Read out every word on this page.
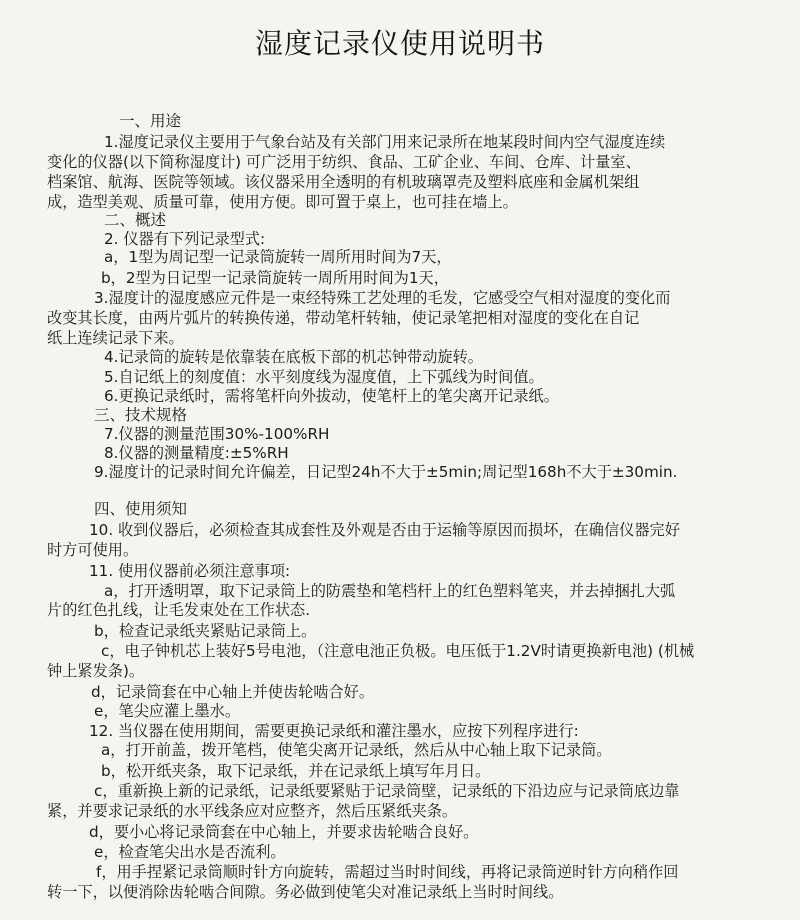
湿度记录仪使用说明书
一、用途
1.湿度记录仪主要用于气象台站及有关部门用来记录所在地某段时间内空气湿度连续
变化的仪器(以下简称湿度计) 可广泛用于纺织、食品、工矿企业、车间、仓库、计量室、
档案馆、航海、医院等领域。该仪器采用全透明的有机玻璃罩壳及塑料底座和金属机架组
成，造型美观、质量可靠，使用方便。即可置于桌上，也可挂在墙上。
二、概述
2. 仪器有下列记录型式:
a，1型为周记型一记录筒旋转一周所用时间为7天，
b，2型为日记型一记录筒旋转一周所用时间为1天，
3.湿度计的湿度感应元件是一束经特殊工艺处理的毛发，它感受空气相对湿度的变化而
改变其长度，由两片弧片的转换传递，带动笔杆转轴，使记录笔把相对湿度的变化在自记
纸上连续记录下来。
4.记录筒的旋转是依靠装在底板下部的机芯钟带动旋转。
5.自记纸上的刻度值：水平刻度线为湿度值，上下弧线为时间值。
6.更换记录纸时，需将笔杆向外拔动，使笔杆上的笔尖离开记录纸。
三、技术规格
7.仪器的测量范围30%-100%RH
8.仪器的测量精度:±5%RH
9.湿度计的记录时间允许偏差，日记型24h不大于±5min;周记型168h不大于±30min.
四、使用须知
10. 收到仪器后，必须检查其成套性及外观是否由于运输等原因而损坏，在确信仪器完好
时方可使用。
11. 使用仪器前必须注意事项:
a，打开透明罩，取下记录筒上的防震垫和笔档杆上的红色塑料笔夹，并去掉捆扎大弧
片的红色扎线，让毛发束处在工作状态.
b，检查记录纸夹紧贴记录筒上。
c，电子钟机芯上装好5号电池，（注意电池正负极。电压低于1.2V时请更换新电池) (机械
钟上紧发条)。
d，记录筒套在中心轴上并使齿轮啮合好。
e，笔尖应灌上墨水。
12. 当仪器在使用期间，需要更换记录纸和灌注墨水，应按下列程序进行:
a，打开前盖，拨开笔档，使笔尖离开记录纸，然后从中心轴上取下记录筒。
b，松开纸夹条，取下记录纸，并在记录纸上填写年月日。
c，重新换上新的记录纸，记录纸要紧贴于记录筒壁，记录纸的下沿边应与记录筒底边靠
紧，并要求记录纸的水平线条应对应整齐，然后压紧纸夹条。
d，要小心将记录筒套在中心轴上，并要求齿轮啮合良好。
e，检查笔尖出水是否流利。
f，用手捏紧记录筒顺时针方向旋转，需超过当时时间线，再将记录筒逆时针方向稍作回
转一下，以便消除齿轮啮合间隙。务必做到使笔尖对准记录纸上当时时间线。
